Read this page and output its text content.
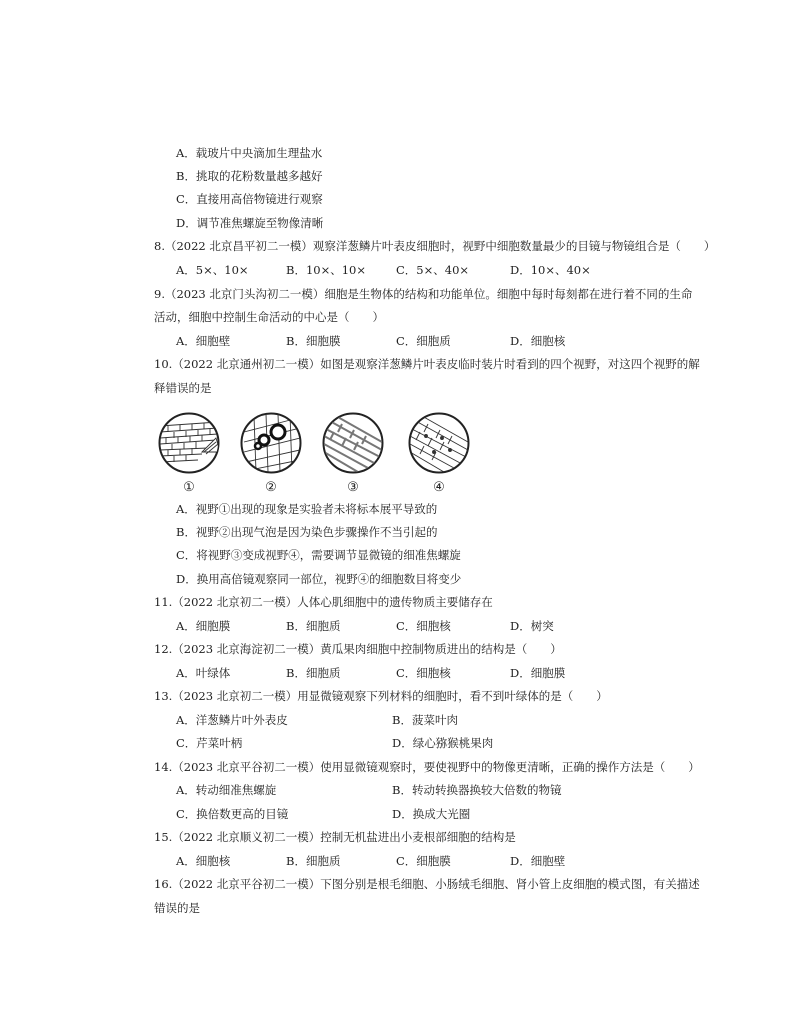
A．载玻片中央滴加生理盐水
B．挑取的花粉数量越多越好
C．直接用高倍物镜进行观察
D．调节准焦螺旋至物像清晰
8.（2022 北京昌平初二一模）观察洋葱鳞片叶表皮细胞时，视野中细胞数量最少的目镜与物镜组合是（　　）
A．5×、10×	B．10×、10×	C．5×、40×	D．10×、40×
9.（2023 北京门头沟初二一模）细胞是生物体的结构和功能单位。细胞中每时每刻都在进行着不同的生命
活动，细胞中控制生命活动的中心是（　　）
A．细胞壁	B．细胞膜	C．细胞质	D．细胞核
10.（2022 北京通州初二一模）如图是观察洋葱鳞片叶表皮临时装片时看到的四个视野，对这四个视野的解
释错误的是
①	②	③	④
A．视野①出现的现象是实验者未将标本展平导致的
B．视野②出现气泡是因为染色步骤操作不当引起的
C．将视野③变成视野④，需要调节显微镜的细准焦螺旋
D．换用高倍镜观察同一部位，视野④的细胞数目将变少
11.（2022 北京初二一模）人体心肌细胞中的遗传物质主要储存在
A．细胞膜	B．细胞质	C．细胞核	D．树突
12.（2023 北京海淀初二一模）黄瓜果肉细胞中控制物质进出的结构是（　　）
A．叶绿体	B．细胞质	C．细胞核	D．细胞膜
13.（2023 北京初二一模）用显微镜观察下列材料的细胞时，看不到叶绿体的是（　　）
A．洋葱鳞片叶外表皮	B．菠菜叶肉
C．芹菜叶柄	D．绿心猕猴桃果肉
14.（2023 北京平谷初二一模）使用显微镜观察时，要使视野中的物像更清晰，正确的操作方法是（　　）
A．转动细准焦螺旋	B．转动转换器换较大倍数的物镜
C．换倍数更高的目镜	D．换成大光圈
15.（2022 北京顺义初二一模）控制无机盐进出小麦根部细胞的结构是
A．细胞核	B．细胞质	C．细胞膜	D．细胞壁
16.（2022 北京平谷初二一模）下图分别是根毛细胞、小肠绒毛细胞、肾小管上皮细胞的模式图，有关描述
错误的是
